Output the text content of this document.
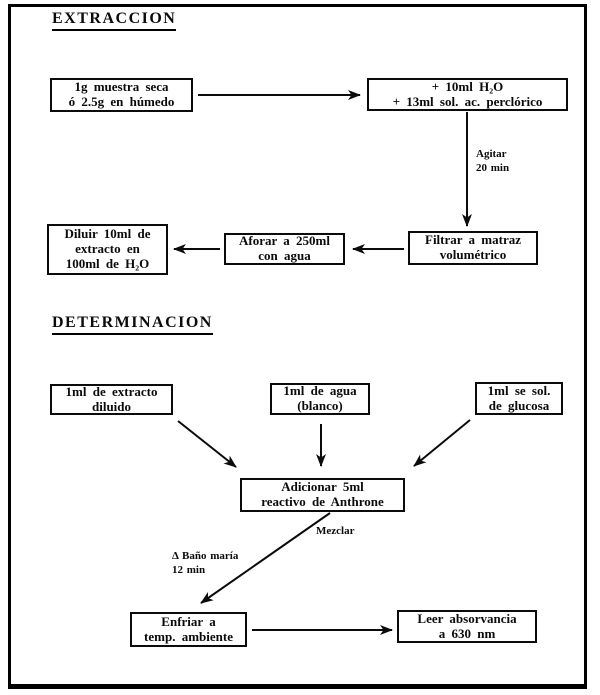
EXTRACCION
1g muestra seca
ó 2.5g en húmedo
+ 10ml H₂O
+ 13ml sol. ac. perclórico
Agitar
20 min
Filtrar a matraz
volumétrico
Aforar a 250ml
con agua
Diluir 10ml de
extracto en
100ml de H₂O
DETERMINACION
1ml de extracto
diluido
1ml de agua
(blanco)
1ml se sol.
de glucosa
Adicionar 5ml
reactivo de Anthrone
Mezclar
Δ Baño maría
12 min
Enfriar a
temp. ambiente
Leer absorvancia
a 630 nm
